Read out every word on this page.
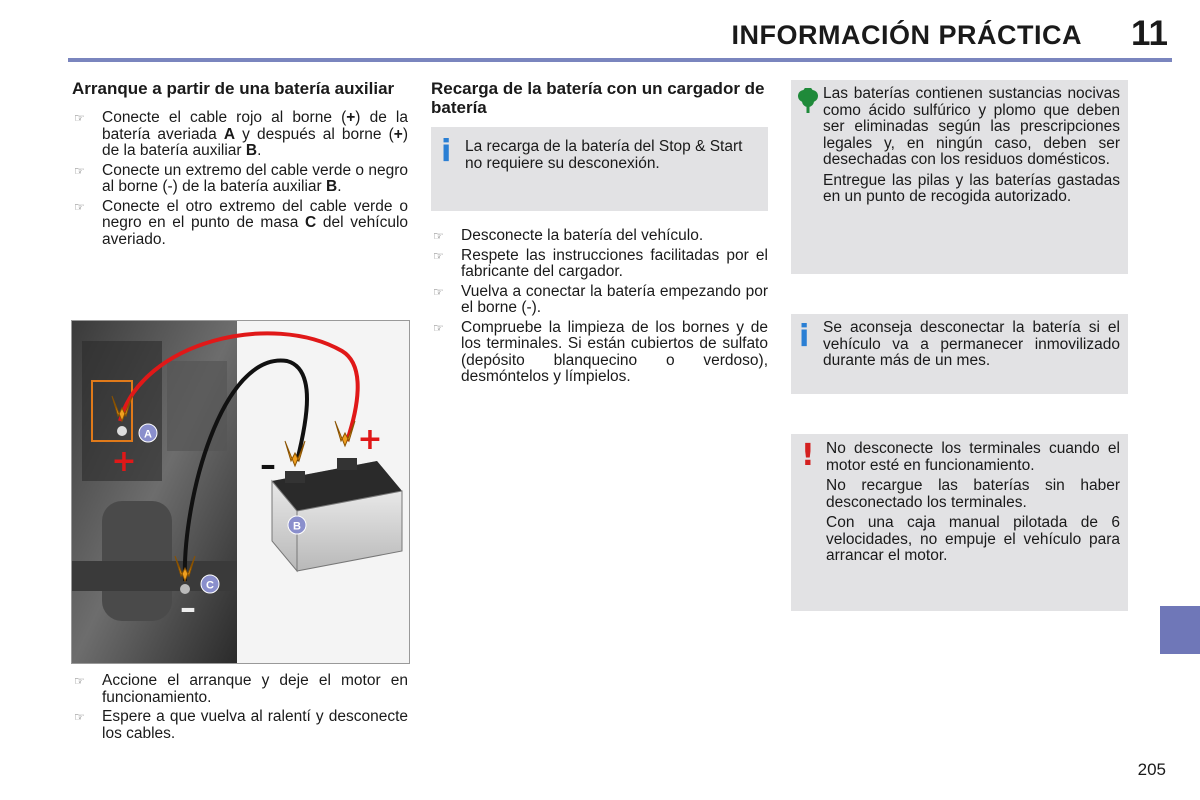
INFORMACIÓN PRÁCTICA 11
Arranque a partir de una batería auxiliar
☞ Conecte el cable rojo al borne (+) de la batería averiada A y después al borne (+) de la batería auxiliar B.
☞ Conecte un extremo del cable verde o negro al borne (-) de la batería auxiliar B.
☞ Conecte el otro extremo del cable verde o negro en el punto de masa C del vehículo averiado.
A
B
C
+
+
–
–
☞ Accione el arranque y deje el motor en funcionamiento.
☞ Espere a que vuelva al ralentí y desconecte los cables.
Recarga de la batería con un cargador de batería
i La recarga de la batería del Stop & Start no requiere su desconexión.

☞ Desconecte la batería del vehículo.
☞ Respete las instrucciones facilitadas por el fabricante del cargador.
☞ Vuelva a conectar la batería empezando por el borne (-).
☞ Compruebe la limpieza de los bornes y de los terminales. Si están cubiertos de sulfato (depósito blanquecino o verdoso), desmóntelos y límpielos.

Las baterías contienen sustancias nocivas como ácido sulfúrico y plomo que deben ser eliminadas según las prescripciones legales y, en ningún caso, deben ser desechadas con los residuos domésticos.

Entregue las pilas y las baterías gastadas en un punto de recogida autorizado.

i Se aconseja desconectar la batería si el vehículo va a permanecer inmovilizado durante más de un mes.

! No desconecte los terminales cuando el motor esté en funcionamiento.

No recargue las baterías sin haber desconectado los terminales.

Con una caja manual pilotada de 6 velocidades, no empuje el vehículo para arrancar el motor.

205
